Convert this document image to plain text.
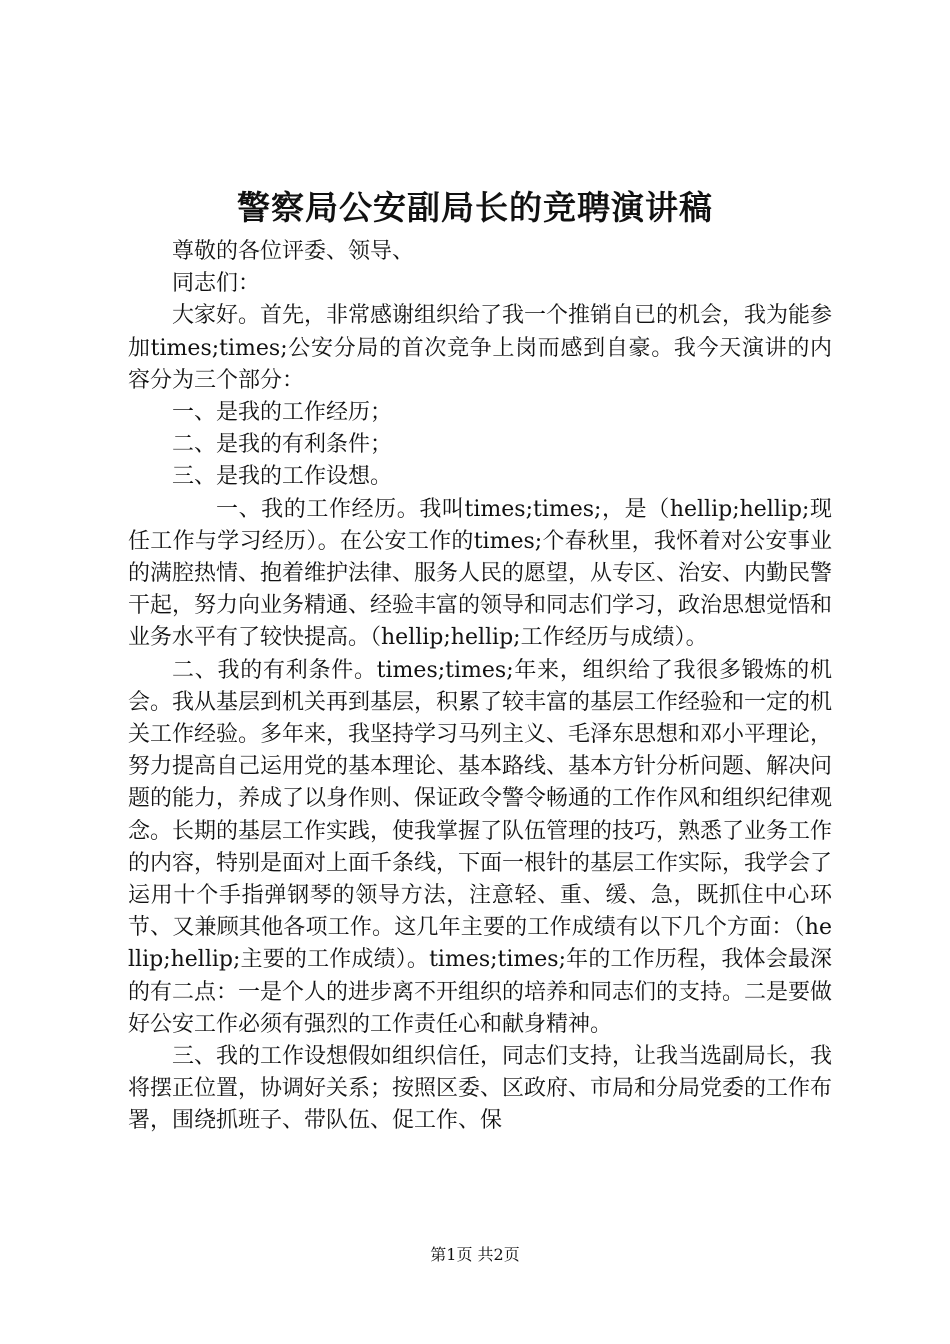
警察局公安副局长的竞聘演讲稿

尊敬的各位评委、领导、

同志们：

大家好。首先，非常感谢组织给了我一个推销自已的机会，我为能参加times;times;公安分局的首次竞争上岗而感到自豪。我今天演讲的内容分为三个部分：

一、是我的工作经历；

二、是我的有利条件；

三、是我的工作设想。

一、我的工作经历。我叫times;times;，是（hellip;hellip;现任工作与学习经历）。在公安工作的times;个春秋里，我怀着对公安事业的满腔热情、抱着维护法律、服务人民的愿望，从专区、治安、内勤民警干起，努力向业务精通、经验丰富的领导和同志们学习，政治思想觉悟和业务水平有了较快提高。（hellip;hellip;工作经历与成绩）。

二、我的有利条件。times;times;年来，组织给了我很多锻炼的机会。我从基层到机关再到基层，积累了较丰富的基层工作经验和一定的机关工作经验。多年来，我坚持学习马列主义、毛泽东思想和邓小平理论，努力提高自己运用党的基本理论、基本路线、基本方针分析问题、解决问题的能力，养成了以身作则、保证政令警令畅通的工作作风和组织纪律观念。长期的基层工作实践，使我掌握了队伍管理的技巧，熟悉了业务工作的内容，特别是面对上面千条线，下面一根针的基层工作实际，我学会了运用十个手指弹钢琴的领导方法，注意轻、重、缓、急，既抓住中心环节、又兼顾其他各项工作。这几年主要的工作成绩有以下几个方面：（hellip;hellip;主要的工作成绩）。times;times;年的工作历程，我体会最深的有二点：一是个人的进步离不开组织的培养和同志们的支持。二是要做好公安工作必须有强烈的工作责任心和献身精神。

三、我的工作设想假如组织信任，同志们支持，让我当选副局长，我将摆正位置，协调好关系；按照区委、区政府、市局和分局党委的工作布署，围绕抓班子、带队伍、促工作、保

第1页 共2页
